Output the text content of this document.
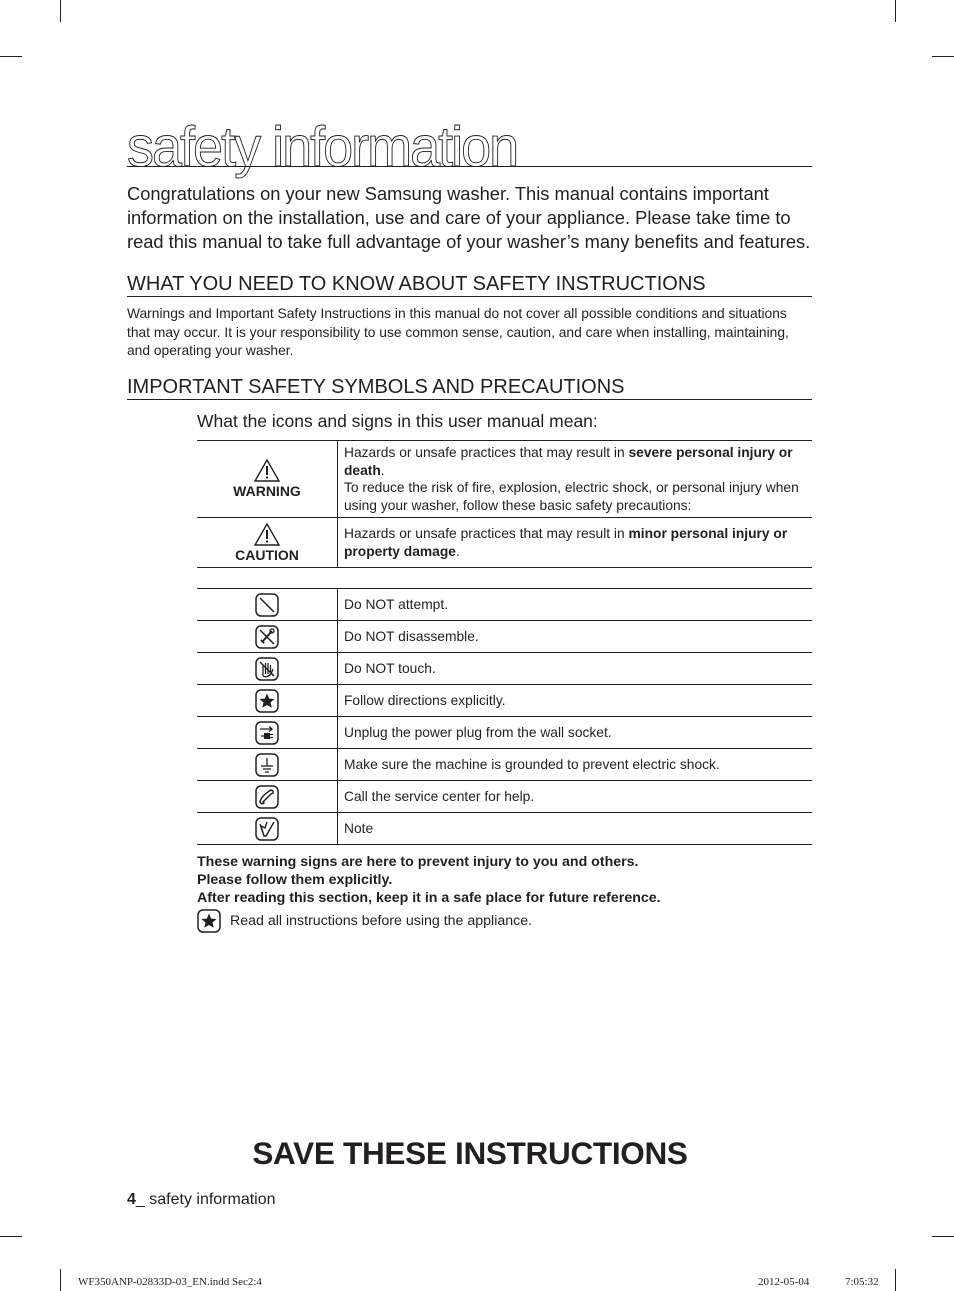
safety information
Congratulations on your new Samsung washer. This manual contains important information on the installation, use and care of your appliance. Please take time to read this manual to take full advantage of your washer’s many benefits and features.
WHAT YOU NEED TO KNOW ABOUT SAFETY INSTRUCTIONS
Warnings and Important Safety Instructions in this manual do not cover all possible conditions and situations that may occur. It is your responsibility to use common sense, caution, and care when installing, maintaining, and operating your washer.
IMPORTANT SAFETY SYMBOLS AND PRECAUTIONS
What the icons and signs in this user manual mean:
WARNING	Hazards or unsafe practices that may result in severe personal injury or death.
To reduce the risk of fire, explosion, electric shock, or personal injury when using your washer, follow these basic safety precautions:

CAUTION	Hazards or unsafe practices that may result in minor personal injury or property damage.
	Do NOT attempt.
	Do NOT disassemble.
	Do NOT touch.
	Follow directions explicitly.
	Unplug the power plug from the wall socket.
	Make sure the machine is grounded to prevent electric shock.
	Call the service center for help.
	Note
These warning signs are here to prevent injury to you and others.
Please follow them explicitly.
After reading this section, keep it in a safe place for future reference.
Read all instructions before using the appliance.
SAVE THESE INSTRUCTIONS
4_ safety information
WF350ANP-02833D-03_EN.indd Sec2:4	2012-05-04	7:05:32
